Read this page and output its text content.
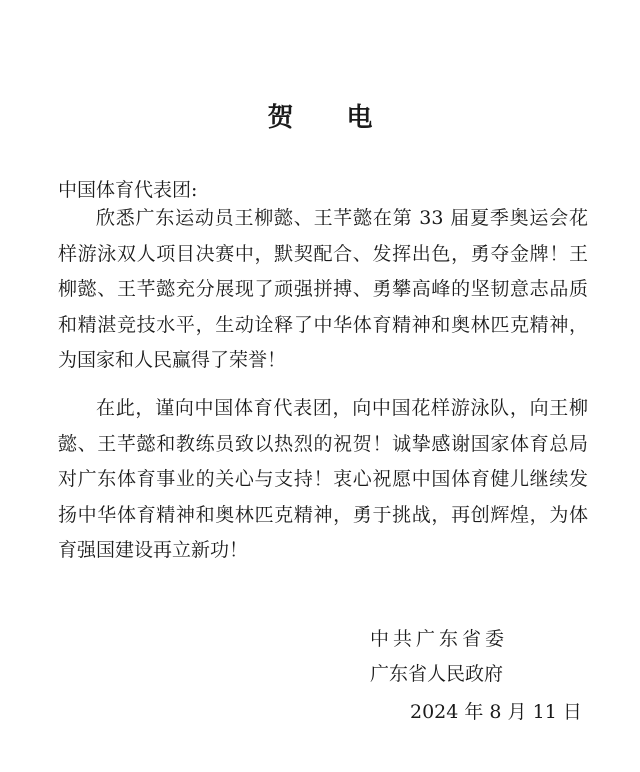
贺 电
中国体育代表团:
欣悉广东运动员王柳懿、王芊懿在第 33 届夏季奥运会花样游泳双人项目决赛中，默契配合、发挥出色，勇夺金牌！王柳懿、王芊懿充分展现了顽强拼搏、勇攀高峰的坚韧意志品质和精湛竞技水平，生动诠释了中华体育精神和奥林匹克精神，为国家和人民赢得了荣誉！
在此，谨向中国体育代表团，向中国花样游泳队，向王柳懿、王芊懿和教练员致以热烈的祝贺！诚挚感谢国家体育总局对广东体育事业的关心与支持！衷心祝愿中国体育健儿继续发扬中华体育精神和奥林匹克精神，勇于挑战，再创辉煌，为体育强国建设再立新功！
中共广东省委
广东省人民政府
2024 年 8 月 11 日
